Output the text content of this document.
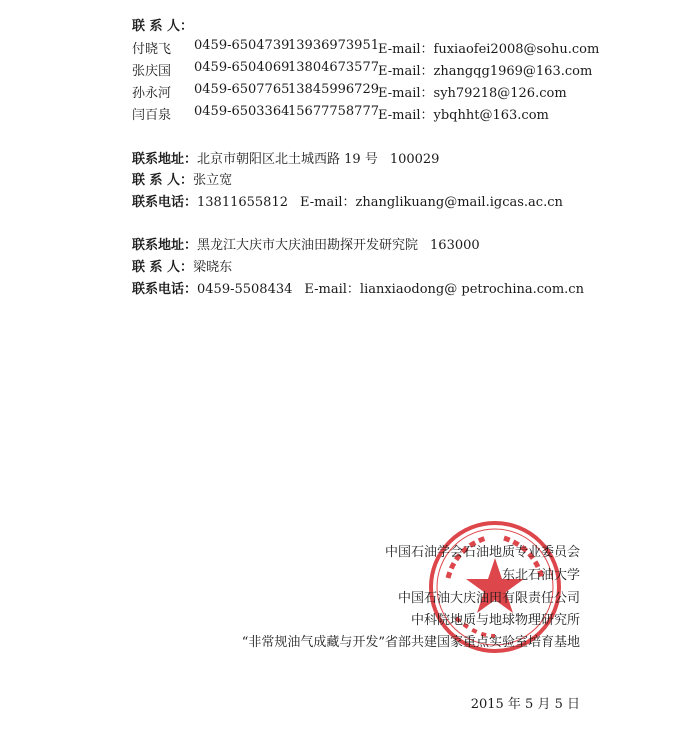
联 系 人：
付晓飞 0459-6504739
13936973951 E-mail：fuxiaofei2008@sohu.com
张庆国 0459-6504069
13804673577 E-mail：zhangqg1969@163.com
孙永河 0459-6507765
13845996729 E-mail：syh79218@126.com
闫百泉 0459-6503364
15677758777 E-mail：ybqhht@163.com
联系地址：北京市朝阳区北土城西路 19 号 100029
联 系 人：张立宽
联系电话：13811655812 E-mail：zhanglikuang@mail.igcas.ac.cn
联系地址：黑龙江大庆市大庆油田勘探开发研究院 163000
联 系 人：梁晓东
联系电话：0459-5508434 E-mail：lianxiaodong@ petrochina.com.cn
中国石油学会石油地质专业委员会
东北石油大学
中国石油大庆油田有限责任公司
中科院地质与地球物理研究所
“非常规油气成藏与开发”省部共建国家重点实验室培育基地
2015 年 5 月 5 日
